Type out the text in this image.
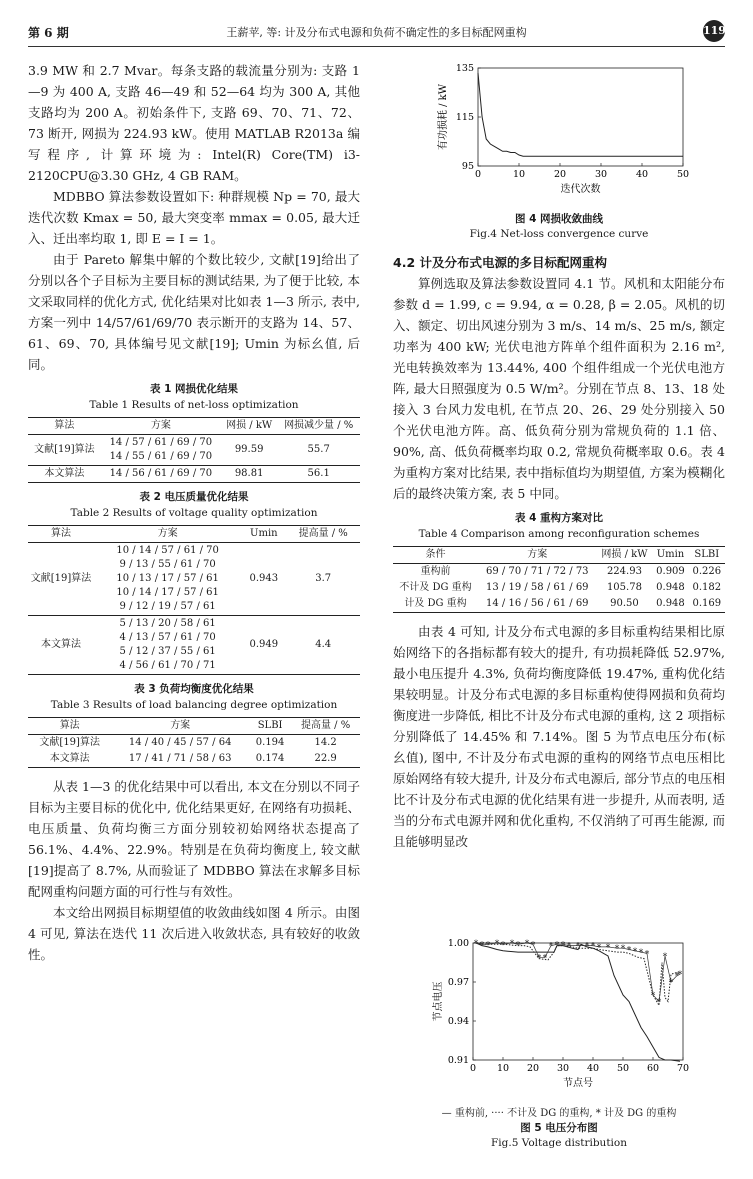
第 6 期	王薪苹, 等: 计及分布式电源和负荷不确定性的多目标配网重构	119

3.9 MW 和 2.7 Mvar。每条支路的载流量分别为: 支路 1—9 为 400 A, 支路 46—49 和 52—64 均为 300 A, 其他支路均为 200 A。初始条件下, 支路 69、70、71、72、73 断开, 网损为 224.93 kW。使用 MATLAB R2013a 编写程序, 计算环境为: Intel(R) Core(TM) i3-2120CPU@3.30 GHz, 4 GB RAM。

MDBBO 算法参数设置如下: 种群规模 Np = 70, 最大迭代次数 Kmax = 50, 最大突变率 mmax = 0.05, 最大迁入、迁出率均取 1, 即 E = I = 1。

由于 Pareto 解集中解的个数比较少, 文献[19]给出了分别以各个子目标为主要目标的测试结果, 为了便于比较, 本文采取同样的优化方式, 优化结果对比如表 1—3 所示, 表中, 方案一列中 14/57/61/69/70 表示断开的支路为 14、57、61、69、70, 具体编号见文献[19]; Umin 为标幺值, 后同。

表 1 网损优化结果
Table 1 Results of net-loss optimization
算法	方案	网损 / kW	网损减少量 / %
文献[19]算法	14 / 57 / 61 / 69 / 70
14 / 55 / 61 / 69 / 70	99.59	55.7
本文算法	14 / 56 / 61 / 69 / 70	98.81	56.1
表 2 电压质量优化结果
Table 2 Results of voltage quality optimization
算法	方案	Umin	提高量 / %
文献[19]算法	10 / 14 / 57 / 61 / 70
9 / 13 / 55 / 61 / 70
10 / 13 / 17 / 57 / 61
10 / 14 / 17 / 57 / 61
9 / 12 / 19 / 57 / 61	0.943	3.7
本文算法	5 / 13 / 20 / 58 / 61
4 / 13 / 57 / 61 / 70
5 / 12 / 37 / 55 / 61
4 / 56 / 61 / 70 / 71	0.949	4.4
表 3 负荷均衡度优化结果
Table 3 Results of load balancing degree optimization
算法	方案	SLBI	提高量 / %
文献[19]算法	14 / 40 / 45 / 57 / 64	0.194	14.2
本文算法	17 / 41 / 71 / 58 / 63	0.174	22.9

从表 1—3 的优化结果中可以看出, 本文在分别以不同子目标为主要目标的优化中, 优化结果更好, 在网络有功损耗、电压质量、负荷均衡三方面分别较初始网络状态提高了 56.1%、4.4%、22.9%。特别是在负荷均衡度上, 较文献[19]提高了 8.7%, 从而验证了 MDBBO 算法在求解多目标配网重构问题方面的可行性与有效性。

本文给出网损目标期望值的收敛曲线如图 4 所示。由图 4 可见, 算法在迭代 11 次后进入收敛状态, 具有较好的收敛性。

0	10	20	30	40	50
95
115
135
迭代次数
有功损耗 / kW
图 4 网损收敛曲线
Fig.4 Net-loss convergence curve
4.2 计及分布式电源的多目标配网重构

算例选取及算法参数设置同 4.1 节。风机和太阳能分布参数 d = 1.99, c = 9.94, α = 0.28, β = 2.05。风机的切入、额定、切出风速分别为 3 m/s、14 m/s、25 m/s, 额定功率为 400 kW; 光伏电池方阵单个组件面积为 2.16 m², 光电转换效率为 13.44%, 400 个组件组成一个光伏电池方阵, 最大日照强度为 0.5 W/m²。分别在节点 8、13、18 处接入 3 台风力发电机, 在节点 20、26、29 处分别接入 50 个光伏电池方阵。高、低负荷分别为常规负荷的 1.1 倍、90%, 高、低负荷概率均取 0.2, 常规负荷概率取 0.6。表 4 为重构方案对比结果, 表中指标值均为期望值, 方案为模糊化后的最终决策方案, 表 5 中同。

表 4 重构方案对比
Table 4 Comparison among reconfiguration schemes
条件	方案	网损 / kW	Umin	SLBI
重构前	69 / 70 / 71 / 72 / 73	224.93	0.909	0.226
不计及 DG 重构	13 / 19 / 58 / 61 / 69	105.78	0.948	0.182
计及 DG 重构	14 / 16 / 56 / 61 / 69	90.50	0.948	0.169

由表 4 可知, 计及分布式电源的多目标重构结果相比原始网络下的各指标都有较大的提升, 有功损耗降低 52.97%, 最小电压提升 4.3%, 负荷均衡度降低 19.47%, 重构优化结果较明显。计及分布式电源的多目标重构使得网损和负荷均衡度进一步降低, 相比不计及分布式电源的重构, 这 2 项指标分别降低了 14.45% 和 7.14%。图 5 为节点电压分布(标幺值), 图中, 不计及分布式电源的重构的网络节点电压相比原始网络有较大提升, 计及分布式电源后, 部分节点的电压相比不计及分布式电源的优化结果有进一步提升, 从而表明, 适当的分布式电源并网和优化重构, 不仅消纳了可再生能源, 而且能够明显改

0 10 20 30 40 50 60 70
0.91
0.94
0.97
1.00
节点号
节点电压
* * * * * * * * *
* *
* * * * * * * * * * * * * * *
*
*
*
*
*
*
— 重构前, ···· 不计及 DG 的重构, * 计及 DG 的重构
图 5 电压分布图
Fig.5 Voltage distribution
